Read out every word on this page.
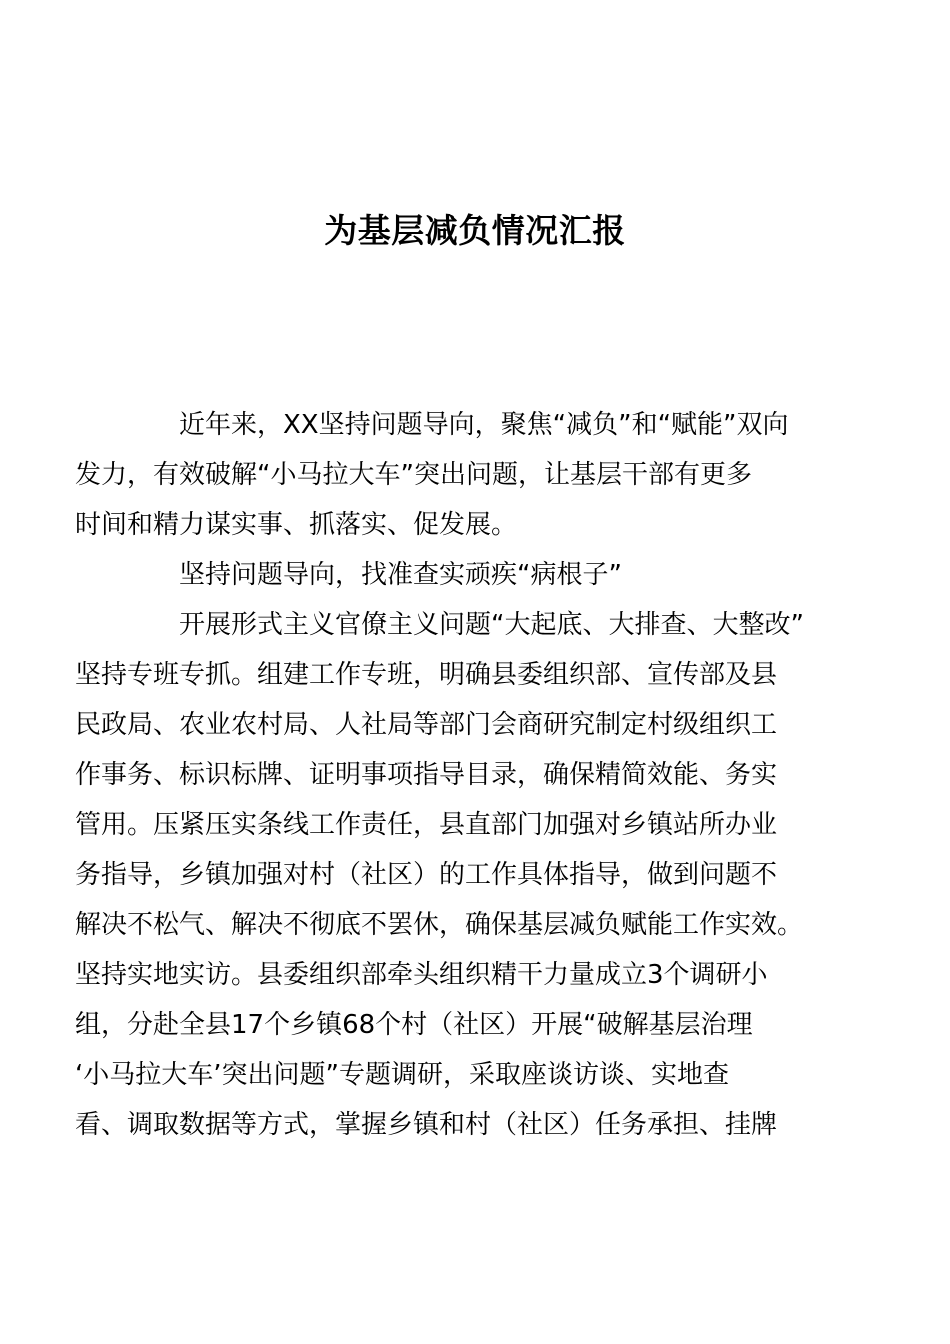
为基层减负情况汇报

近年来，XX坚持问题导向，聚焦“减负”和“赋能”双向
发力，有效破解“小马拉大车”突出问题，让基层干部有更多
时间和精力谋实事、抓落实、促发展。

坚持问题导向，找准查实顽疾“病根子”

开展形式主义官僚主义问题“大起底、大排查、大整改”
坚持专班专抓。组建工作专班，明确县委组织部、宣传部及县
民政局、农业农村局、人社局等部门会商研究制定村级组织工
作事务、标识标牌、证明事项指导目录，确保精简效能、务实
管用。压紧压实条线工作责任，县直部门加强对乡镇站所办业
务指导，乡镇加强对村（社区）的工作具体指导，做到问题不
解决不松气、解决不彻底不罢休，确保基层减负赋能工作实效。
坚持实地实访。县委组织部牵头组织精干力量成立3个调研小
组，分赴全县17个乡镇68个村（社区）开展“破解基层治理
‘小马拉大车’突出问题”专题调研，采取座谈访谈、实地查
看、调取数据等方式，掌握乡镇和村（社区）任务承担、挂牌
